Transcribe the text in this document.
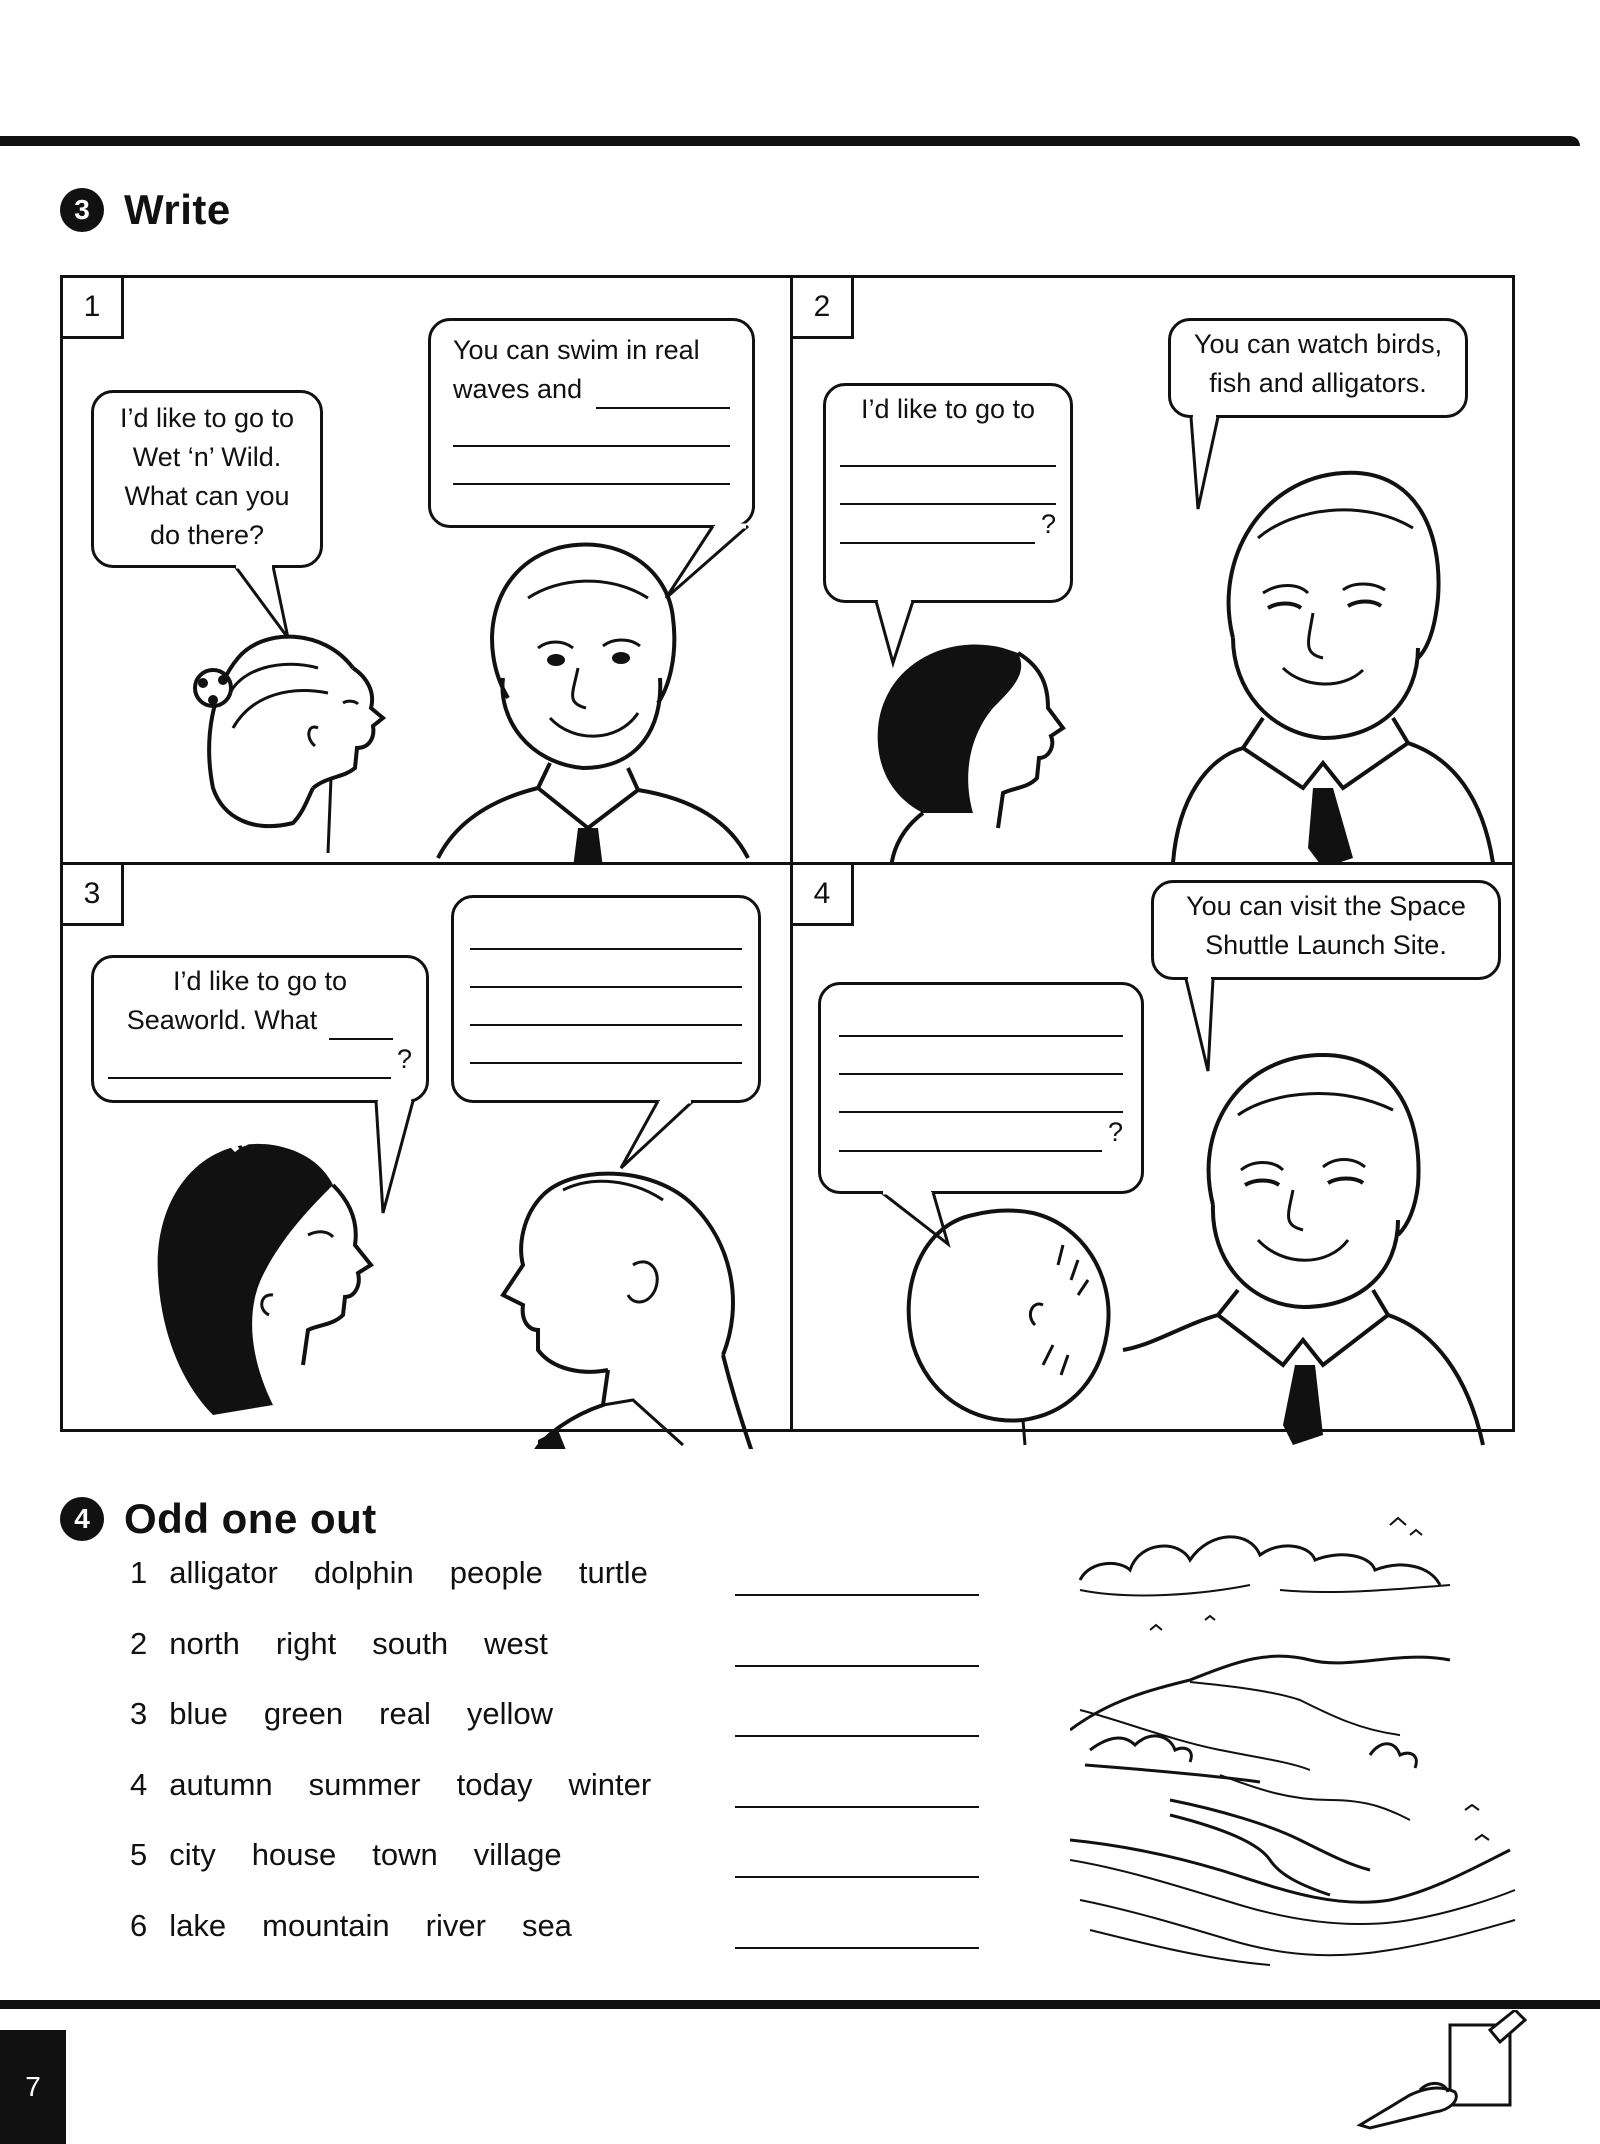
3 Write
1
I’d like to go to
Wet ‘n’ Wild.
What can you
do there?
You can swim in real
waves and
2
I’d like to go to
?
You can watch birds,
fish and alligators.
3
I’d like to go to
Seaworld. What
?
4
?
You can visit the Space
Shuttle Launch Site.
4 Odd one out
1 alligator dolphin people turtle
2 north right south west
3 blue green real yellow
4 autumn summer today winter
5 city house town village
6 lake mountain river sea
7
